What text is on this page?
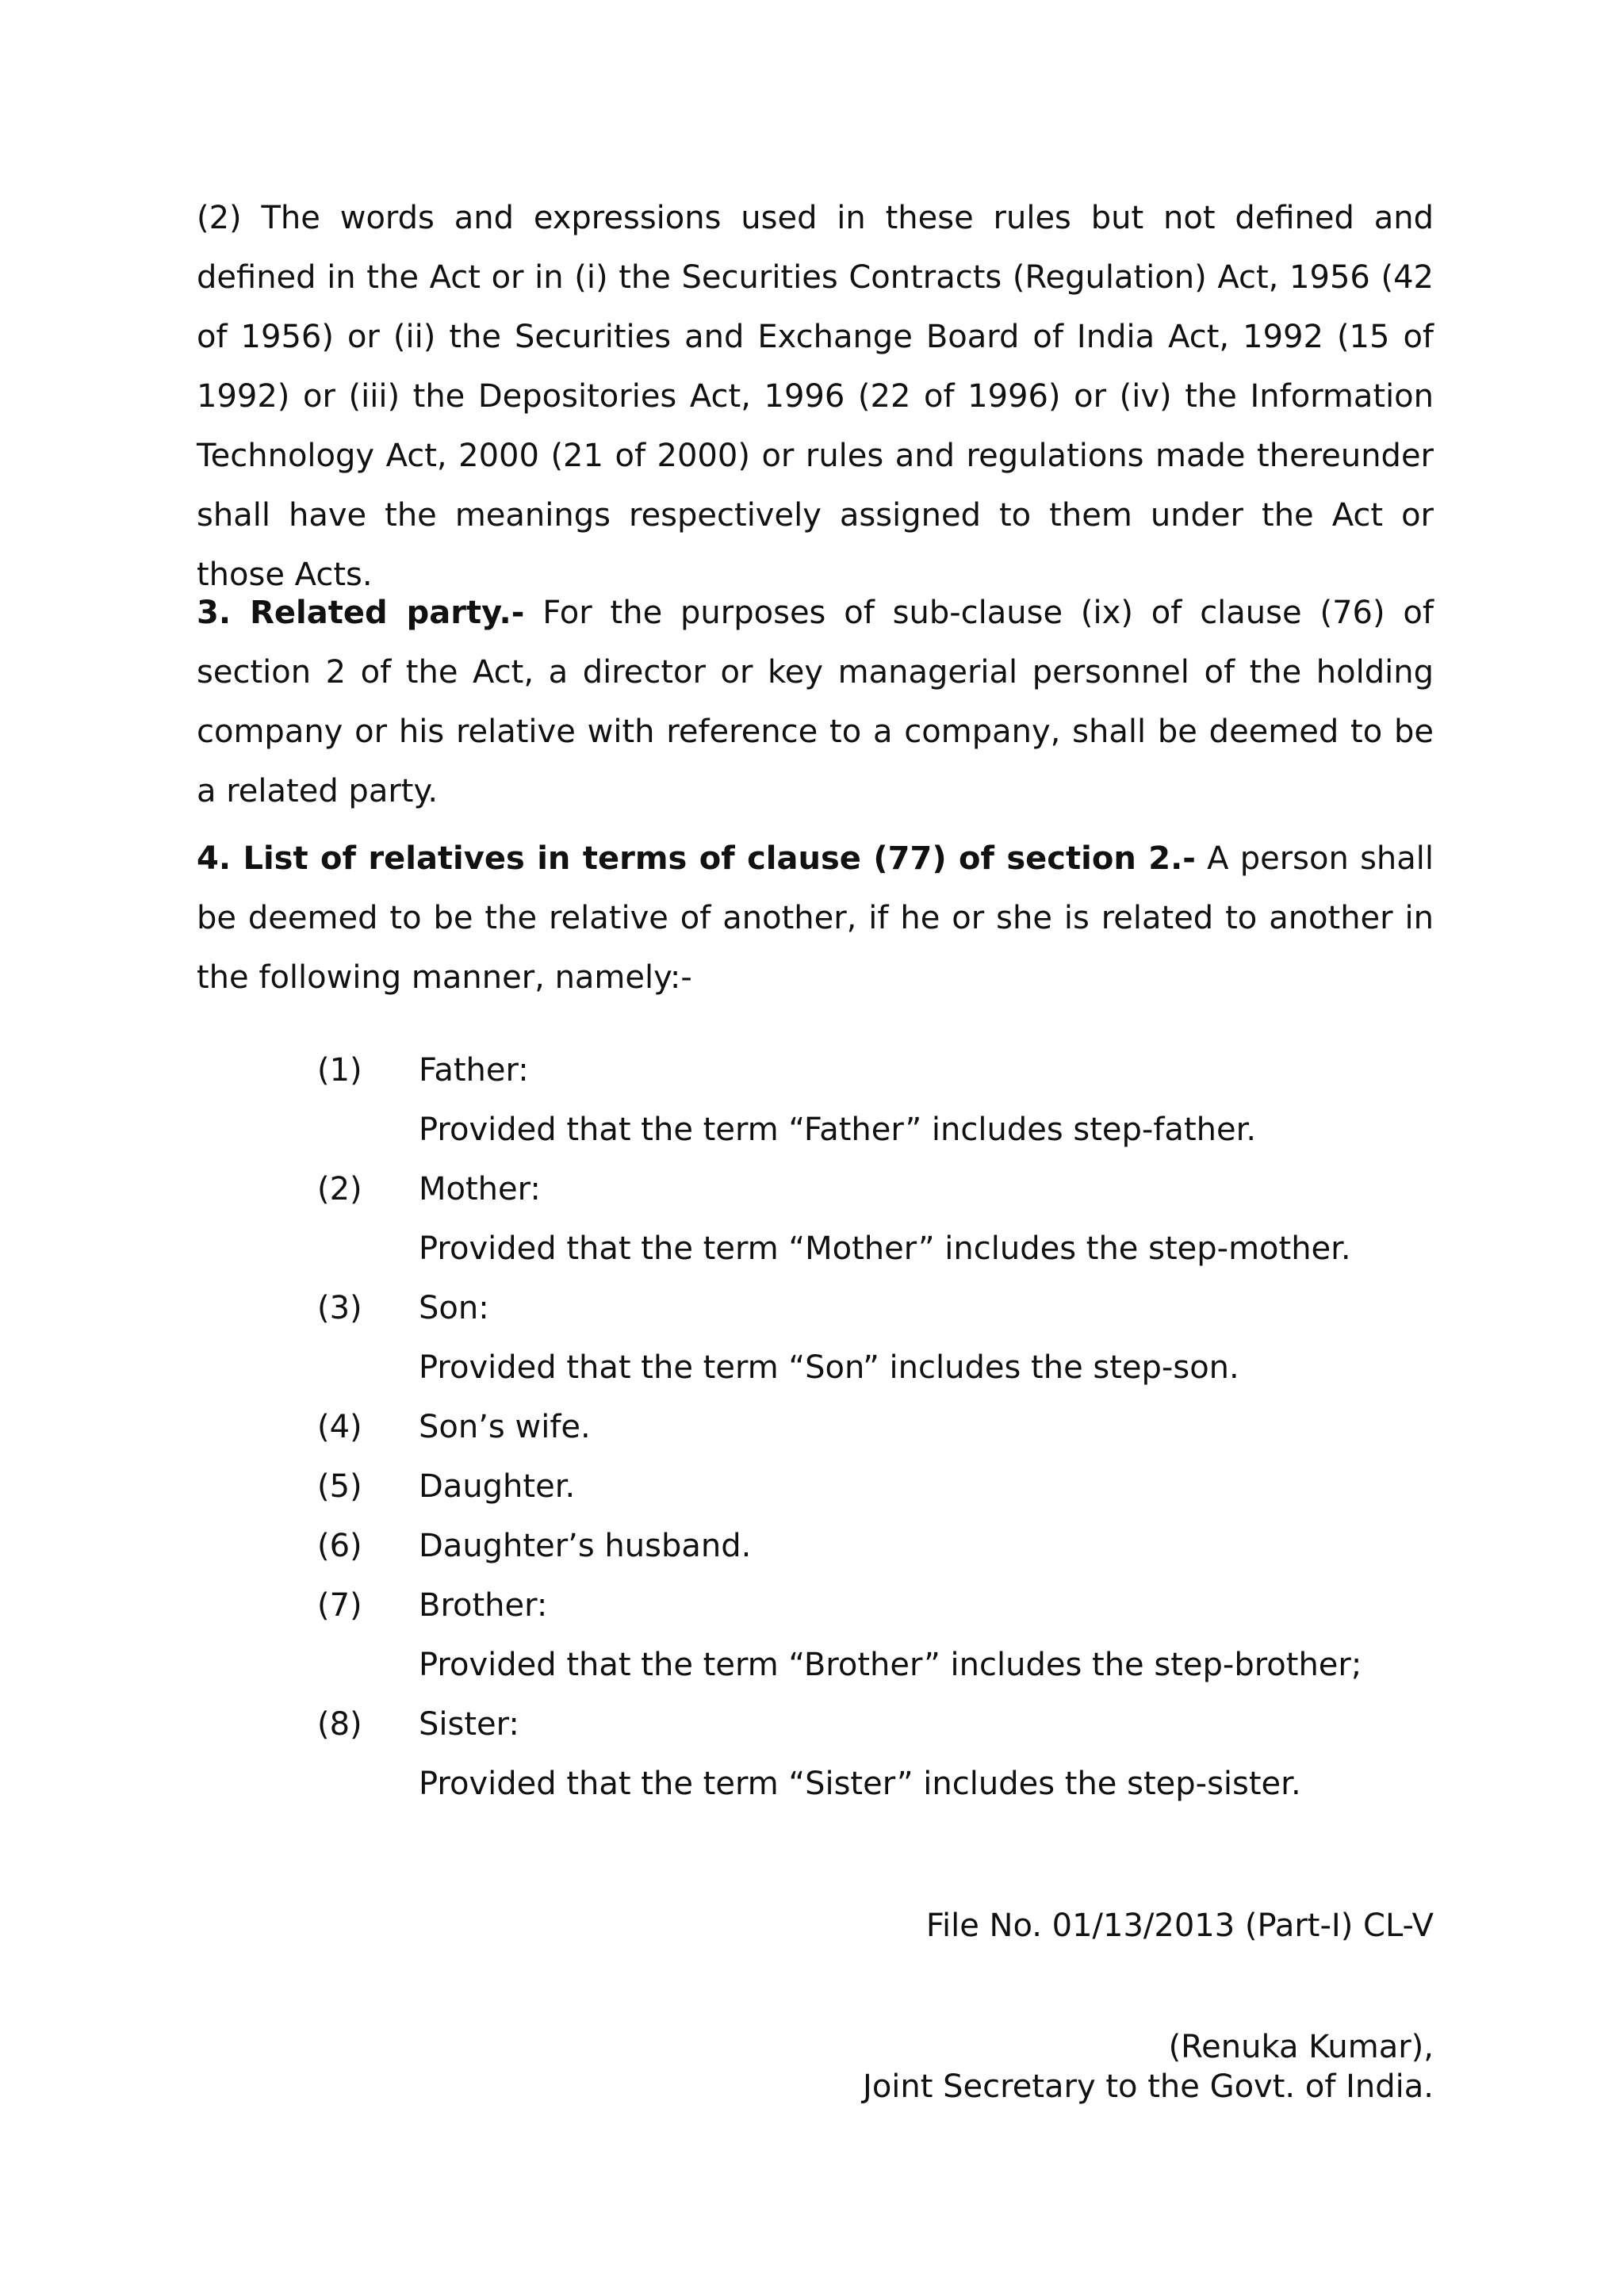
(2) The words and expressions used in these rules but not defined and defined in the Act or in (i) the Securities Contracts (Regulation) Act, 1956 (42 of 1956) or (ii) the Securities and Exchange Board of India Act, 1992 (15 of 1992) or (iii) the Depositories Act, 1996 (22 of 1996) or (iv) the Information Technology Act, 2000 (21 of 2000) or rules and regulations made thereunder shall have the meanings respectively assigned to them under the Act or those Acts.

3. Related party.- For the purposes of sub-clause (ix) of clause (76) of section 2 of the Act, a director or key managerial personnel of the holding company or his relative with reference to a company, shall be deemed to be a related party.

4. List of relatives in terms of clause (77) of section 2.- A person shall be deemed to be the relative of another, if he or she is related to another in the following manner, namely:-

(1) Father:
Provided that the term “Father” includes step-father.
(2) Mother:
Provided that the term “Mother” includes the step-mother.
(3) Son:
Provided that the term “Son” includes the step-son.
(4) Son’s wife.
(5) Daughter.
(6) Daughter’s husband.
(7) Brother:
Provided that the term “Brother” includes the step-brother;
(8) Sister:
Provided that the term “Sister” includes the step-sister.
File No. 01/13/2013 (Part-I) CL-V
(Renuka Kumar),
Joint Secretary to the Govt. of India.
